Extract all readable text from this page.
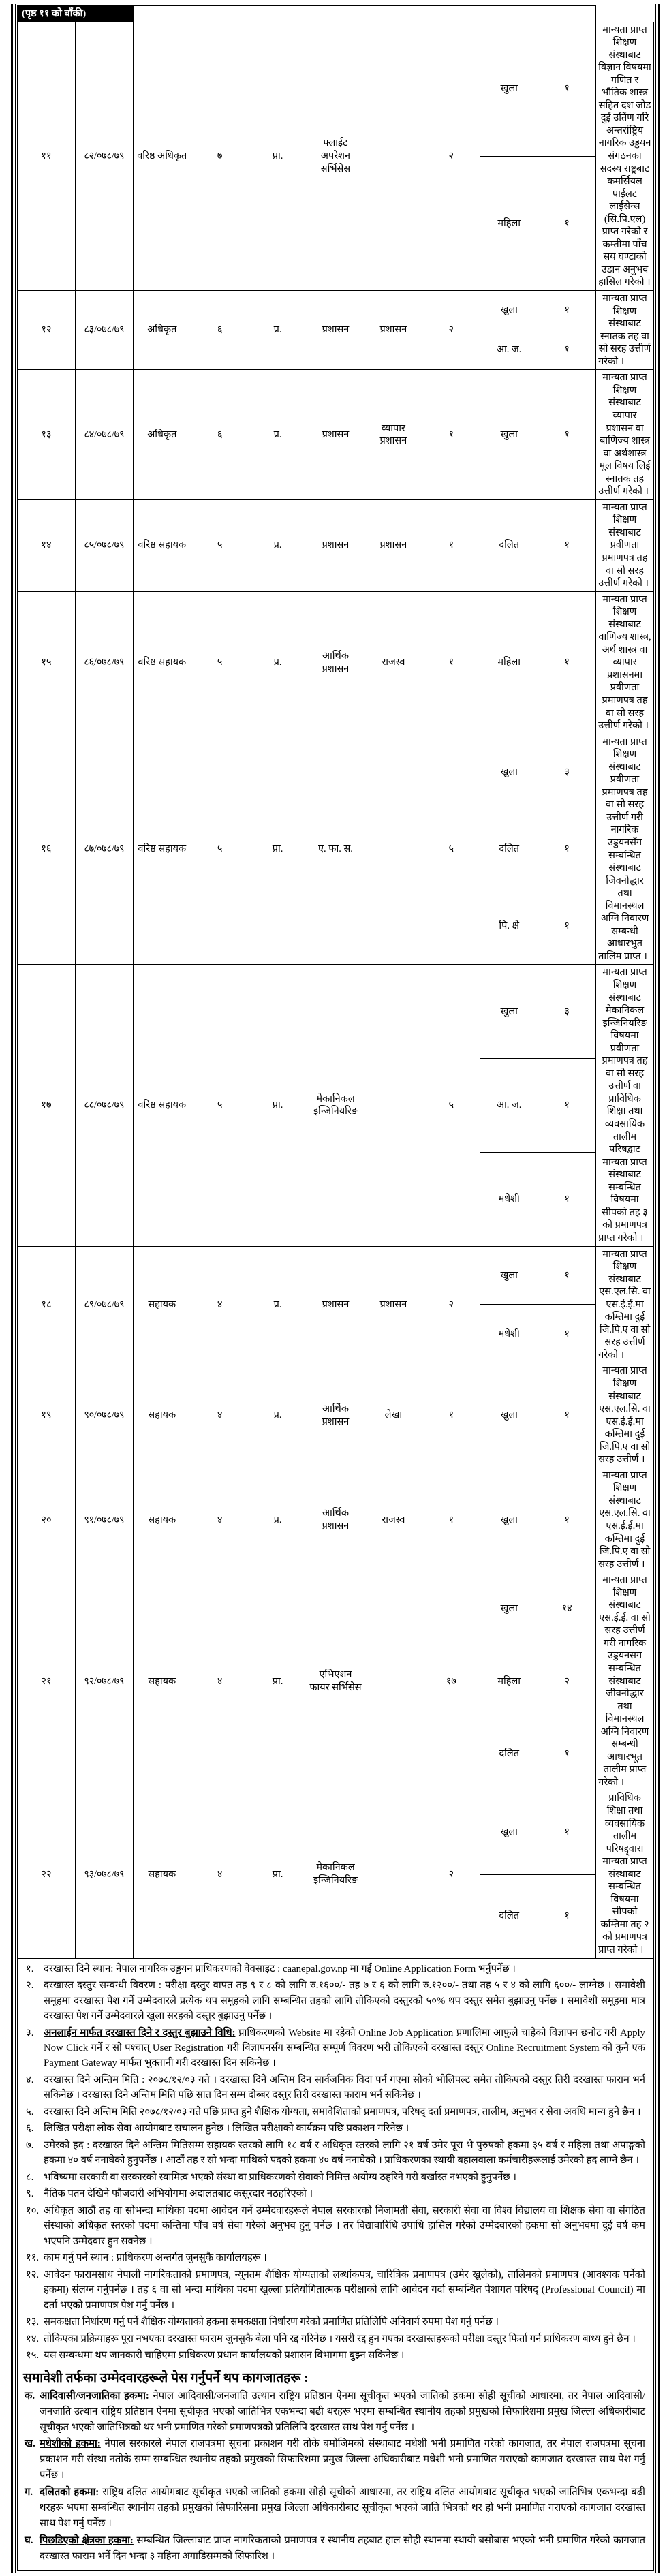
(पृष्ठ ११ को बाँकी)										
११	८२/०७८/७९	वरिष्ठ अधिकृत	७	प्रा.	फ्लाईट अपरेशन सर्भिसेस		२	खुला	१	मान्यता प्राप्त शिक्षण संस्थाबाट विज्ञान विषयमा गणित र भौतिक शास्त्र सहित दश जोड दुई उर्तिण गरि अन्तर्राष्ट्रिय नागरिक उड्डयन संगठनका सदस्य राष्ट्रबाट कमर्सियल पाईलट लाईसेन्स (सि.पि.एल) प्राप्त गरेको र कम्तीमा पाँच सय घण्टाको उडान अनुभव हासिल गरेको ।
								महिला	१	
१२	८३/०७८/७९	अधिकृत	६	प्र.	प्रशासन	प्रशासन	२	खुला	१	मान्यता प्राप्त शिक्षण संस्थाबाट स्नातक तह वा सो सरह उत्तीर्ण गरेको ।
								आ. ज.	१	
१३	८४/०७८/७९	अधिकृत	६	प्र.	प्रशासन	व्यापार प्रशासन	१	खुला	१	मान्यता प्राप्त शिक्षण संस्थाबाट व्यापार प्रशासन वा बाणिज्य शास्त्र वा अर्थशास्त्र मूल विषय लिई स्नातक तह उत्तीर्ण गरेको ।
१४	८५/०७८/७९	वरिष्ठ सहायक	५	प्र.	प्रशासन	प्रशासन	१	दलित	१	मान्यता प्राप्त शिक्षण संस्थाबाट प्रवीणता प्रमाणपत्र तह वा सो सरह उत्तीर्ण गरेको ।
१५	८६/०७८/७९	वरिष्ठ सहायक	५	प्र.	आर्थिक प्रशासन	राजस्व	१	महिला	१	मान्यता प्राप्त शिक्षण संस्थाबाट वाणिज्य शास्त्र, अर्थ शास्त्र वा व्यापार प्रशासनमा प्रवीणता प्रमाणपत्र तह वा सो सरह उत्तीर्ण गरेको ।
१६	८७/०७८/७९	वरिष्ठ सहायक	५	प्रा.	ए. फा. स.		५	खुला	३	मान्यता प्राप्त शिक्षण संस्थाबाट प्रवीणता प्रमाणपत्र तह वा सो सरह उत्तीर्ण गरी नागरिक उड्डयनसँग सम्बन्धित संस्थाबाट जिवनोद्धार तथा विमानस्थल अग्नि निवारण सम्बन्धी आधारभुत तालिम प्राप्त ।
								दलित	१	
								पि. क्षे	१	
१७	८८/०७८/७९	वरिष्ठ सहायक	५	प्रा.	मेकानिकल इन्जिनियरिङ		५	खुला	३	मान्यता प्राप्त शिक्षण संस्थाबाट मेकानिकल इन्जिनियरिङ विषयमा प्रवीणता प्रमाणपत्र तह वा सो सरह उत्तीर्ण वा प्राविधिक शिक्षा तथा व्यवसायिक तालीम परिषद्बाट मान्यता प्राप्त संस्थाबाट सम्बन्धित विषयमा सीपको तह ३ को प्रमाणपत्र प्राप्त गरेको ।
								आ. ज.	१	
								मधेशी	१	
१८	८९/०७८/७९	सहायक	४	प्र.	प्रशासन	प्रशासन	२	खुला	१	मान्यता प्राप्त शिक्षण संस्थाबाट एस.एल.सि. वा एस.ई.ई.मा कम्तिमा दुई जि.पि.ए वा सो सरह उत्तीर्ण गरेको ।
								मधेशी	१	
१९	९०/०७८/७९	सहायक	४	प्र.	आर्थिक प्रशासन	लेखा	१	खुला	१	मान्यता प्राप्त शिक्षण संस्थाबाट एस.एल.सि. वा एस.ई.ई.मा कम्तिमा दुई जि.पि.ए वा सो सरह उत्तीर्ण ।
२०	९१/०७८/७९	सहायक	४	प्र.	आर्थिक प्रशासन	राजस्व	१	खुला	१	मान्यता प्राप्त शिक्षण संस्थाबाट एस.एल.सि. वा एस.ई.ई.मा कम्तिमा दुई जि.पि.ए वा सो सरह उत्तीर्ण ।
२१	९२/०७८/७९	सहायक	४	प्रा.	एभिएशन फायर सर्भिसेस		१७	खुला	१४	मान्यता प्राप्त शिक्षण संस्थाबाट एस.ई.ई. वा सो सरह उत्तीर्ण गरी नागरिक उड्डयनसग सम्बन्धित संस्थाबाट जीवनोद्धार तथा विमानस्थल अग्नि निवारण सम्बन्धी आधारभूत तालीम प्राप्त गरेको ।
								महिला	२	
								दलित	१	
२२	९३/०७८/७९	सहायक	४	प्रा.	मेकानिकल इन्जिनियरिङ		२	खुला	१	प्राविधिक शिक्षा तथा व्यवसायिक तालीम परिषद्द्वारा मान्यता प्राप्त संस्थाबाट सम्बन्धित विषयमा सीपको कम्तिमा तह २ को प्रमाणपत्र प्राप्त गरेको ।
								दलित	१	
१. दरखास्त दिने स्थान: नेपाल नागरिक उड्डयन प्राधिकरणको वेवसाइट : caanepal.gov.np मा गई Online Application Form भर्नुपर्नेछ ।
२. दरखास्त दस्तुर सम्वन्धी विवरण : परीक्षा दस्तुर वापत तह ९ र ८ को लागि रु.१६००/- तह ७ र ६ को लागि रु.१२००/- तथा तह ५ र ४ को लागि ६००/- लाग्नेछ । समावेशी समूहमा दरखास्त पेश गर्ने उम्मेदवारले प्रत्येक थप समूहको लागि सम्बन्धित तहको लागि तोकिएको दस्तुरको ५०% थप दस्तुर समेत बुझाउनु पर्नेछ । समावेशी समूहमा मात्र दरखास्त पेश गर्ने उम्मेदवारले खुला सरहको दस्तुर बुझाउनु पर्नेछ ।
३. अनलाईन मार्फत दरखास्त दिने र दस्तुर बुझाउने विधि: प्राधिकरणको Website मा रहेको Online Job Application प्रणालिमा आफुले चाहेको विज्ञापन छनोट गरी Apply Now Click गर्ने र सो पश्चात् User Registration गरी विज्ञापनसँग सम्बन्धित सम्पूर्ण विवरण भरी तोकिएको दरखास्त दस्तुर Online Recruitment System को कुनै एक Payment Gateway मार्फत भुक्तानी गरी दरखास्त दिन सकिनेछ ।
४. दरखास्त दिने अन्तिम मिति : २०७८/१२/०३ गते । दरखास्त दिने अन्तिम दिन सार्वजनिक विदा पर्न गएमा सोको भोलिपल्ट समेत तोकिएको दस्तुर तिरी दरखास्त फाराम भर्न सकिनेछ । दरखास्त दिने अन्तिम मिति पछि सात दिन सम्म दोब्बर दस्तुर तिरी दरखास्त फाराम भर्न सकिनेछ ।
५. दरखास्त दिने अन्तिम मिति २०७८/१२/०३ गते पछि प्राप्त हुने शैक्षिक योग्यता, समावेशिताको प्रमाणपत्र, परिषद् दर्ता प्रमाणपत्र, तालीम, अनुभव र सेवा अवधि मान्य हुने छैन ।
६. लिखित परीक्षा लोक सेवा आयोगबाट सचालन हुनेछ । लिखित परीक्षाको कार्यक्रम पछि प्रकाशन गरिनेछ ।
७. उमेरको हद : दरखास्त दिने अन्तिम मितिसम्म सहायक स्तरको लागि १८ वर्ष र अधिकृत स्तरको लागि २१ वर्ष उमेर पूरा भै पुरुषको हकमा ३५ वर्ष र महिला तथा अपाङ्गको हकमा ४० वर्ष ननाघेको हुनुपर्नेछ । आठौं तह र सो भन्दा माथिको पदको हकमा ४० वर्ष ननाघेको । प्राधिकरणका स्थायी बहालवाला कर्मचारीहरूलाई उमेरको हद लाग्ने छैन ।
८. भविष्यमा सरकारी वा सरकारको स्वामित्व भएको संस्था वा प्राधिकरणको सेवाको निमित्त अयोग्य ठहरिने गरी बर्खास्त नभएको हुनुपर्नेछ ।
९. नैतिक पतन देखिने फौजदारी अभियोगमा अदालतबाट कसूरदार नठहरिएको ।
१०. अधिकृत आठौं तह वा सोभन्दा माथिका पदमा आवेदन गर्ने उम्मेदवारहरूले नेपाल सरकारको निजामती सेवा, सरकारी सेवा वा विश्व विद्यालय वा शिक्षक सेवा वा संगठित संस्थाको अधिकृत स्तरको पदमा कम्तिमा पाँच वर्ष सेवा गरेको अनुभव हुनु पर्नेछ । तर विद्यावारिधि उपाधि हासिल गरेको उम्मेदवारको हकमा सो अनुभवमा दुई वर्ष कम भएपनि उम्मेदवार हुन सक्नेछ ।
११. काम गर्नु पर्ने स्थान : प्राधिकरण अन्तर्गत जुनसुकै कार्यालयहरू ।
१२. आवेदन फारामसाथ नेपाली नागरिकताको प्रमाणपत्र, न्यूनतम शैक्षिक योग्यताको लब्धांकपत्र, चारित्रिक प्रमाणपत्र (उमेर खुलेको), तालिमको प्रमाणपत्र (आवश्यक पर्नेको हकमा) संलग्न गर्नुपर्नेछ । तह ६ वा सो भन्दा माथिका पदमा खुल्ला प्रतियोगितात्मक परीक्षाको लागि आवेदन गर्दा सम्बन्धित पेशागत परिषद् (Professional Council) मा दर्ता भएको प्रमाणपत्र पेश गर्नु पर्नेछ ।
१३. समकक्षता निर्धारण गर्नु पर्ने शैक्षिक योग्यताको हकमा समकक्षता निर्धारण गरेको प्रमाणित प्रतिलिपि अनिवार्य रुपमा पेश गर्नु पर्नेछ ।
१४. तोकिएका प्रक्रियाहरू पूरा नभएका दरखास्त फाराम जुनसुकै बेला पनि रद्द गरिनेछ । यसरी रद्द हुन गएका दरखास्तहरूको परीक्षा दस्तुर फिर्ता गर्न प्राधिकरण बाध्य हुने छैन ।
१५. यस सम्बन्धमा थप जानकारी चाहिएमा प्राधिकरण प्रधान कार्यालयको प्रशासन विभागमा बुझ्न सकिनेछ ।
समावेशी तर्फका उम्मेदवारहरूले पेस गर्नुपर्ने थप कागजातहरू :
क. आदिवासी/जनजातिका हकमा: नेपाल आदिवासी/जनजाति उत्थान राष्ट्रिय प्रतिष्ठान ऐनमा सूचीकृत भएको जातिको हकमा सोही सूचीको आधारमा, तर नेपाल आदिवासी/जनजाति उत्थान राष्ट्रिय प्रतिष्ठान ऐनमा सूचीकृत भएको जातिभित्र एकभन्दा बढी थरहरू भएमा सम्बन्धित स्थानीय तहको प्रमुखको सिफारिशमा प्रमुख जिल्ला अधिकारीबाट सूचीकृत भएको जातिभित्रको थर भनी प्रमाणित गरेको प्रमाणपत्रको प्रतिलिपि दरखास्त साथ पेश गर्नु पर्नेछ ।
ख. मधेशीको हकमा: नेपाल सरकारले नेपाल राजपत्रमा सूचना प्रकाशन गरी तोके बमोजिमको संस्थाबाट मधेशी भनी प्रमाणित गरेको कागजात, तर नेपाल राजपत्रमा सूचना प्रकाशन गरी संस्था नतोके सम्म सम्बन्धित स्थानीय तहको प्रमुखको सिफारिशमा प्रमुख जिल्ला अधिकारीबाट मधेशी भनी प्रमाणित गराएको कागजात दरखास्त साथ पेश गर्नु पर्नेछ ।
ग. दलितको हकमा: राष्ट्रिय दलित आयोगबाट सूचीकृत भएको जातिको हकमा सोही सूचीको आधारमा, तर राष्ट्रिय दलित आयोगबाट सूचीकृत भएको जातिभित्र एकभन्दा बढी थरहरू भएमा सम्बन्धित स्थानीय तहको प्रमुखको सिफारिसमा प्रमुख जिल्ला अधिकारीबाट सूचीकृत भएको जाति भित्रको थर हो भनी प्रमाणित गराएको कागजात दरखास्त साथ पेश गर्नु पर्नेछ ।
घ. पिछडिएको क्षेत्रका हकमा: सम्बन्धित जिल्लाबाट प्राप्त नागरिकताको प्रमाणपत्र र स्थानीय तहबाट हाल सोही स्थानमा स्थायी बसोबास भएको भनी प्रमाणित गरेको कागजात दरखास्त फाराम भर्ने दिन भन्दा ३ महिना अगाडिसम्मको सिफारिश ।
